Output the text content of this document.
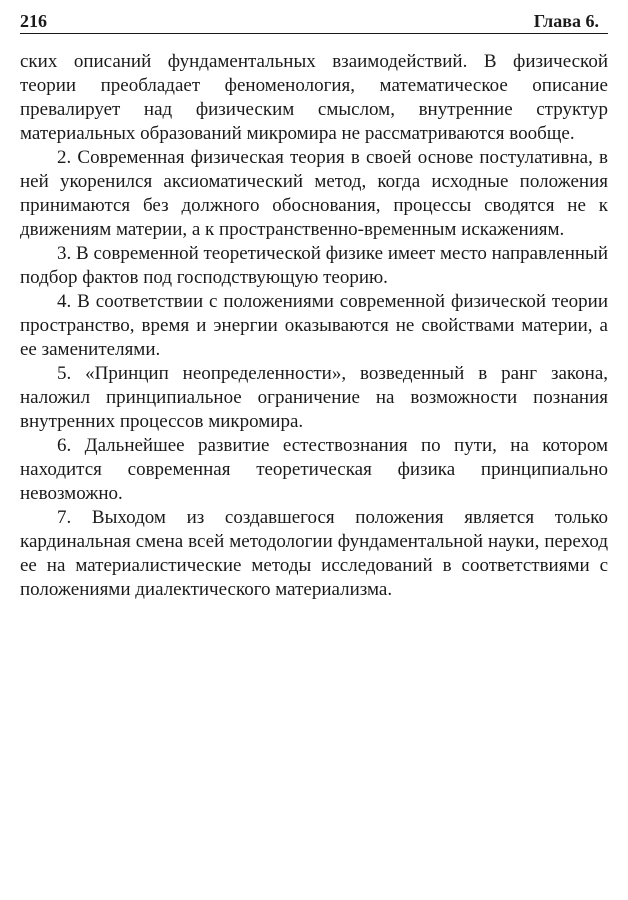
216	Глава 6.

ских описаний фундаментальных взаимодействий. В физической теории преобладает феноменология, математическое описание превалирует над физическим смыслом, внутренние структур материальных образований микромира не рассматриваются вообще.

2. Современная физическая теория в своей основе постулативна, в ней укоренился аксиоматический метод, когда исходные положения принимаются без должного обоснования, процессы сводятся не к движениям материи, а к пространственно-временным искажениям.

3. В современной теоретической физике имеет место направленный подбор фактов под господствующую теорию.

4. В соответствии с положениями современной физической теории пространство, время и энергии оказываются не свойствами материи, а ее заменителями.

5. «Принцип неопределенности», возведенный в ранг закона, наложил принципиальное ограничение на возможности познания внутренних процессов микромира.

6. Дальнейшее развитие естествознания по пути, на котором находится современная теоретическая физика принципиально невозможно.

7. Выходом из создавшегося положения является только кардинальная смена всей методологии фундаментальной науки, переход ее на материалистические методы исследований в соответствиями с положениями диалектического материализма.
